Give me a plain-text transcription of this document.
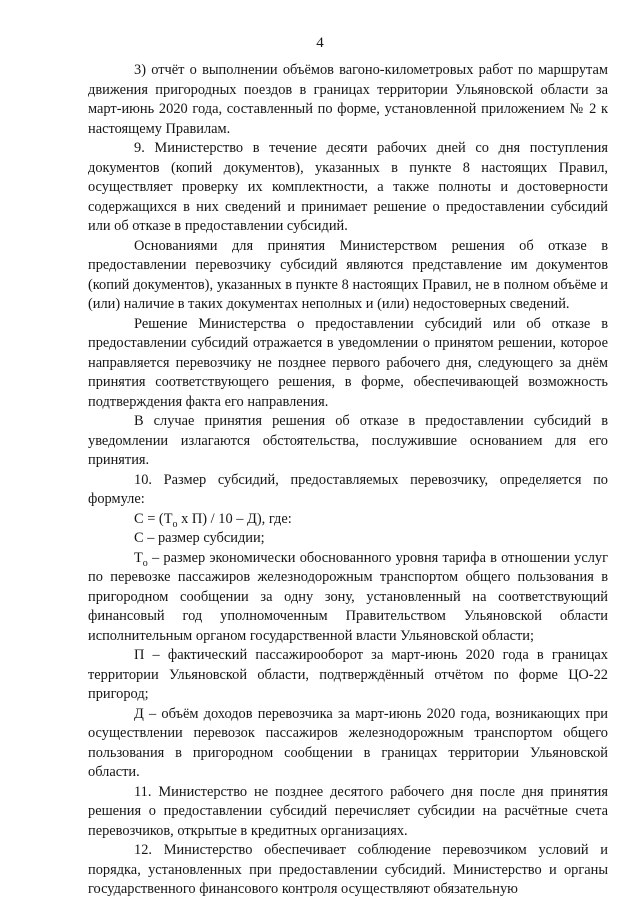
4

3) отчёт о выполнении объёмов вагоно-километровых работ по маршрутам движения пригородных поездов в границах территории Ульяновской области за март-июнь 2020 года, составленный по форме, установленной приложением № 2 к настоящему Правилам.

9. Министерство в течение десяти рабочих дней со дня поступления документов (копий документов), указанных в пункте 8 настоящих Правил, осуществляет проверку их комплектности, а также полноты и достоверности содержащихся в них сведений и принимает решение о предоставлении субсидий или об отказе в предоставлении субсидий.

Основаниями для принятия Министерством решения об отказе в предоставлении перевозчику субсидий являются представление им документов (копий документов), указанных в пункте 8 настоящих Правил, не в полном объёме и (или) наличие в таких документах неполных и (или) недостоверных сведений.

Решение Министерства о предоставлении субсидий или об отказе в предоставлении субсидий отражается в уведомлении о принятом решении, которое направляется перевозчику не позднее первого рабочего дня, следующего за днём принятия соответствующего решения, в форме, обеспечивающей возможность подтверждения факта его направления.

В случае принятия решения об отказе в предоставлении субсидий в уведомлении излагаются обстоятельства, послужившие основанием для его принятия.

10. Размер субсидий, предоставляемых перевозчику, определяется по формуле:

$С = (Т_о$ х П) / 10 – Д), где:

С – размер субсидии;

$Т_о$ – размер экономически обоснованного уровня тарифа в отношении услуг по перевозке пассажиров железнодорожным транспортом общего пользования в пригородном сообщении за одну зону, установленный на соответствующий финансовый год уполномоченным Правительством Ульяновской области исполнительным органом государственной власти Ульяновской области;

П – фактический пассажирооборот за март-июнь 2020 года в границах территории Ульяновской области, подтверждённый отчётом по форме ЦО-22 пригород;

Д – объём доходов перевозчика за март-июнь 2020 года, возникающих при осуществлении перевозок пассажиров железнодорожным транспортом общего пользования в пригородном сообщении в границах территории Ульяновской области.

11. Министерство не позднее десятого рабочего дня после дня принятия решения о предоставлении субсидий перечисляет субсидии на расчётные счета перевозчиков, открытые в кредитных организациях.

12. Министерство обеспечивает соблюдение перевозчиком условий и порядка, установленных при предоставлении субсидий. Министерство и органы государственного финансового контроля осуществляют обязательную
